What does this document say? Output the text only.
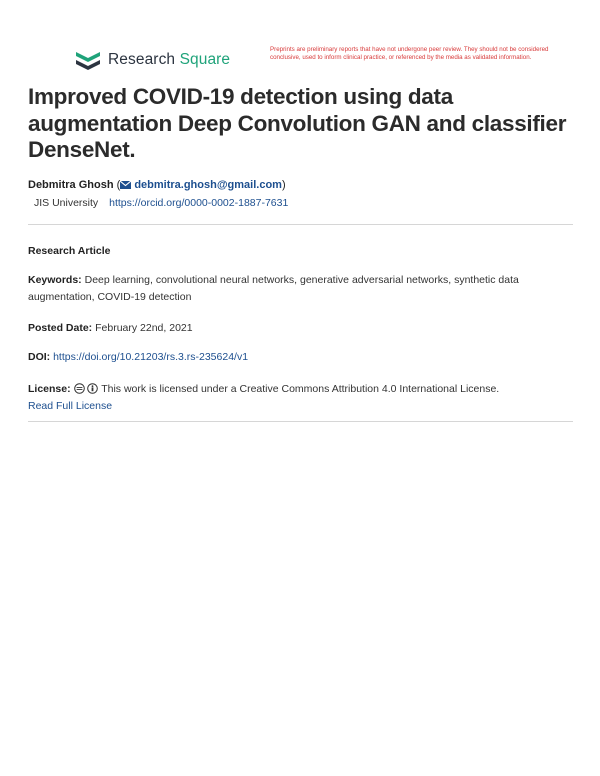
Research Square
Preprints are preliminary reports that have not undergone peer review. They should not be considered conclusive, used to inform clinical practice, or referenced by the media as validated information.
Improved COVID-19 detection using data augmentation Deep Convolution GAN and classifier DenseNet.
Debmitra Ghosh ( debmitra.ghosh@gmail.com)
JIS University https://orcid.org/0000-0002-1887-7631
Research Article
Keywords: Deep learning, convolutional neural networks, generative adversarial networks, synthetic data augmentation, COVID-19 detection
Posted Date: February 22nd, 2021
DOI: https://doi.org/10.21203/rs.3.rs-235624/v1
License:	This work is licensed under a Creative Commons Attribution 4.0 International License.
Read Full License
